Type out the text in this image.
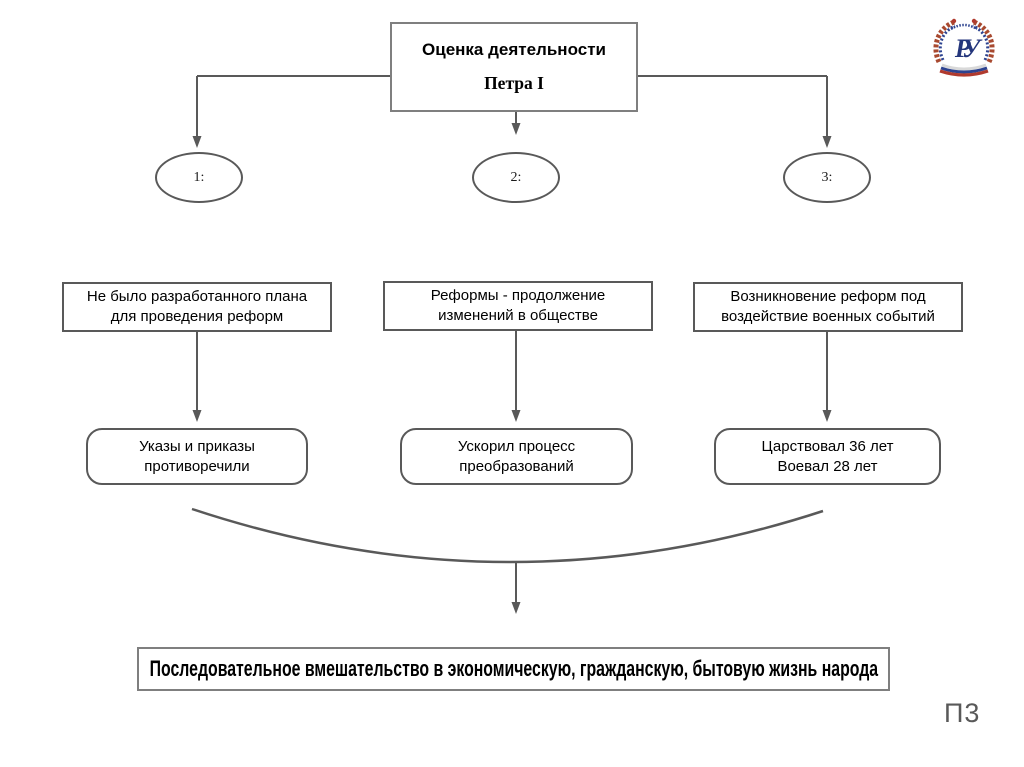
РУ
Оценка деятельности
Петра I
1:	2:	3:
Не было разработанного плана
для проведения реформ
Реформы - продолжение
изменений в обществе
Возникновение реформ под
воздействие военных событий
Указы и приказы
противоречили
Ускорил процесс
преобразований
Царствовал 36 лет
Воевал 28 лет
Последовательное вмешательство в экономическую, гражданскую, бытовую жизнь народа
П3
